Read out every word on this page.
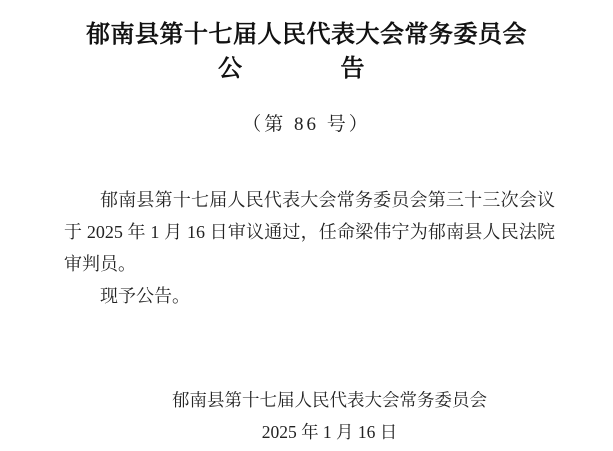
郁南县第十七届人民代表大会常务委员会
公　　　　告
（第 86 号）

郁南县第十七届人民代表大会常务委员会第三十三次会议于 2025 年 1 月 16 日审议通过，任命梁伟宁为郁南县人民法院审判员。

现予公告。

郁南县第十七届人民代表大会常务委员会
2025 年 1 月 16 日
